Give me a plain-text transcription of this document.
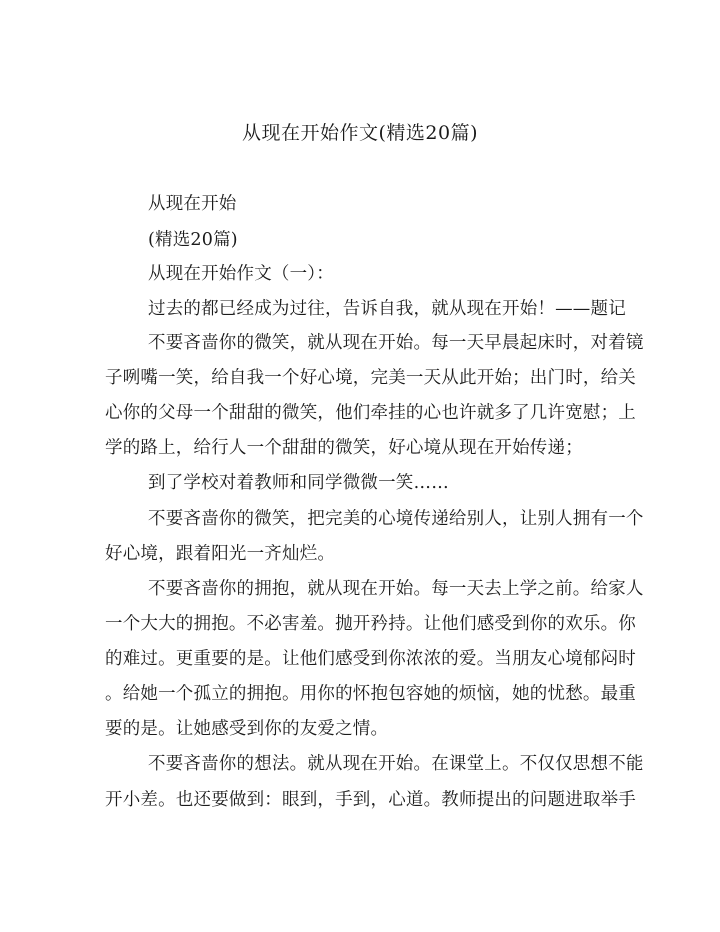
从现在开始作文(精选20篇)
从现在开始
(精选20篇)
从现在开始作文（一）：
过去的都已经成为过往，告诉自我，就从现在开始！——题记
不要吝啬你的微笑，就从现在开始。每一天早晨起床时，对着镜
子咧嘴一笑，给自我一个好心境，完美一天从此开始；出门时，给关
心你的父母一个甜甜的微笑，他们牵挂的心也许就多了几许宽慰；上
学的路上，给行人一个甜甜的微笑，好心境从现在开始传递；
到了学校对着教师和同学微微一笑……
不要吝啬你的微笑，把完美的心境传递给别人，让别人拥有一个
好心境，跟着阳光一齐灿烂。
不要吝啬你的拥抱，就从现在开始。每一天去上学之前。给家人
一个大大的拥抱。不必害羞。抛开矜持。让他们感受到你的欢乐。你
的难过。更重要的是。让他们感受到你浓浓的爱。当朋友心境郁闷时
。给她一个孤立的拥抱。用你的怀抱包容她的烦恼，她的忧愁。最重
要的是。让她感受到你的友爱之情。
不要吝啬你的想法。就从现在开始。在课堂上。不仅仅思想不能
开小差。也还要做到：眼到，手到，心道。教师提出的问题进取举手
